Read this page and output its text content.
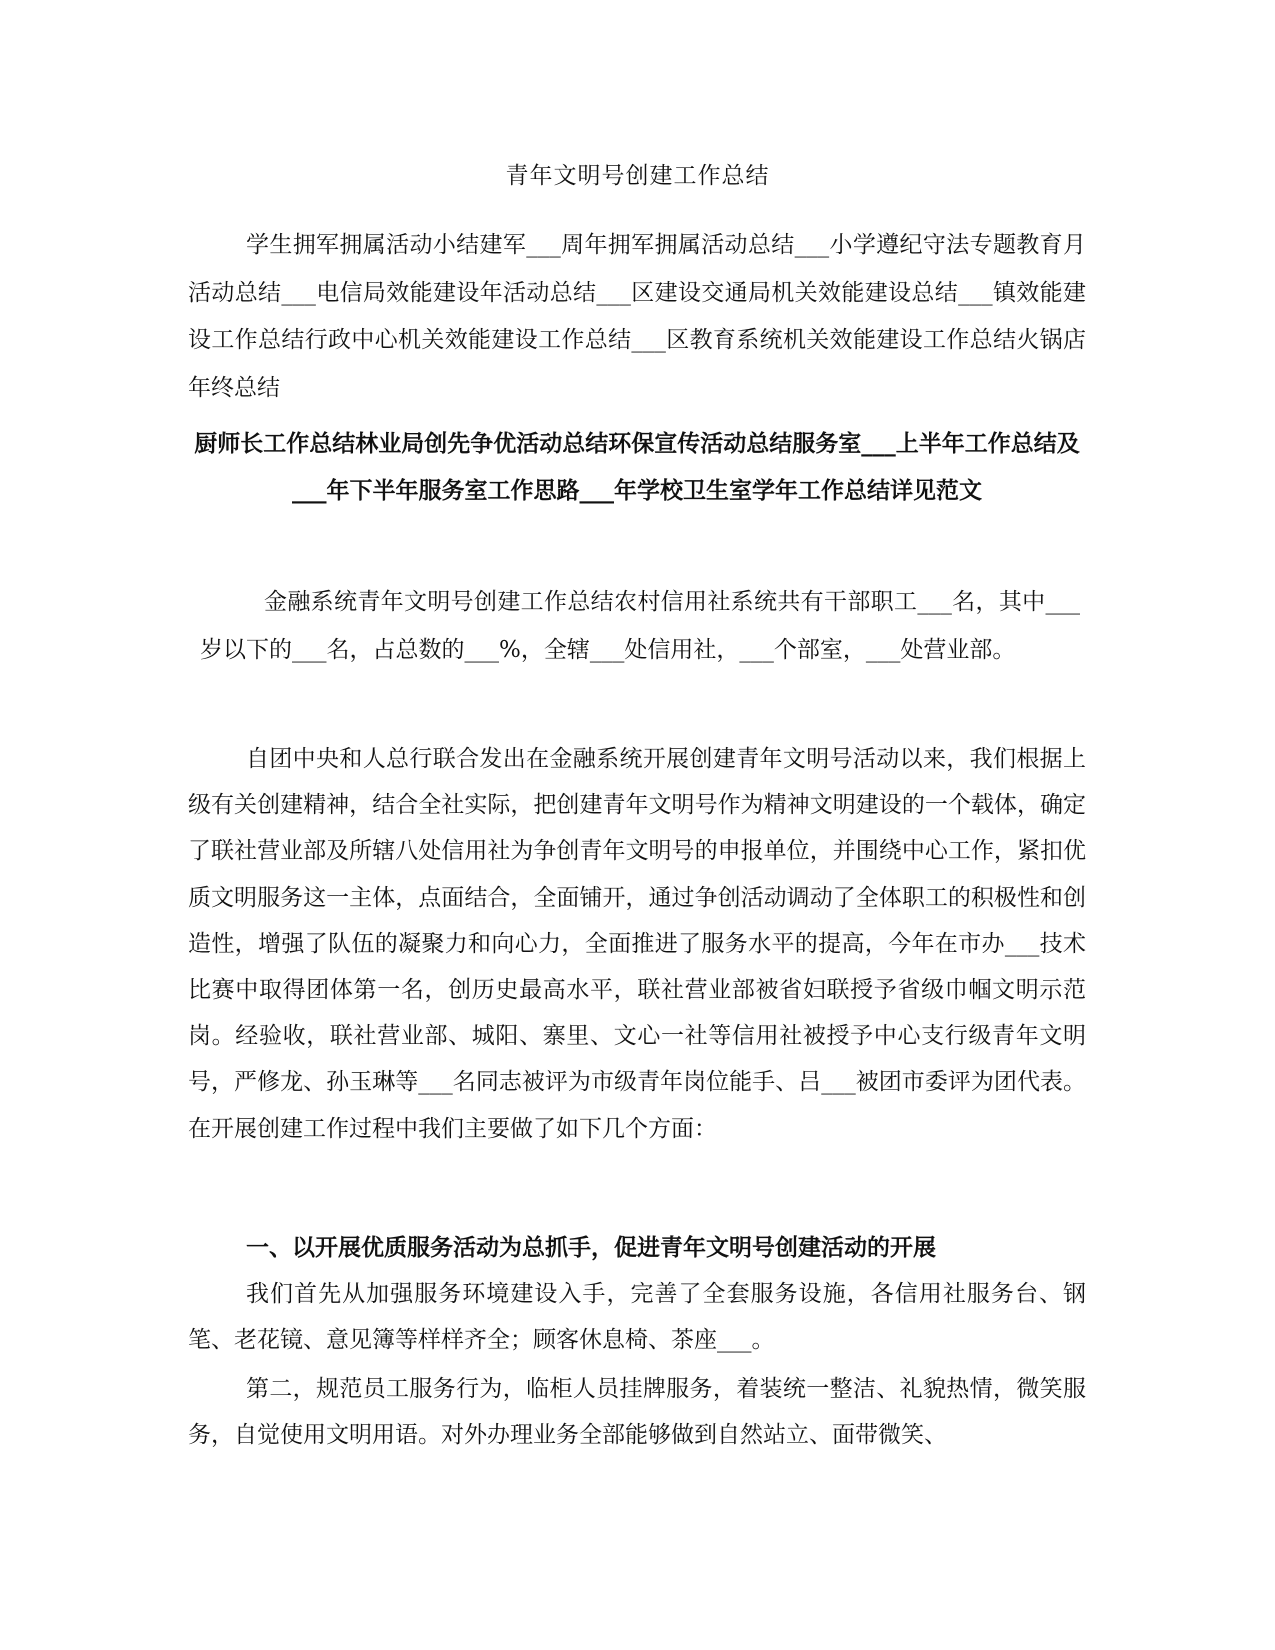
青年文明号创建工作总结

学生拥军拥属活动小结建军___周年拥军拥属活动总结___小学遵纪守法专题教育月活动总结___电信局效能建设年活动总结___区建设交通局机关效能建设总结___镇效能建设工作总结行政中心机关效能建设工作总结___区教育系统机关效能建设工作总结火锅店年终总结

厨师长工作总结林业局创先争优活动总结环保宣传活动总结服务室___上半年工作总结及___年下半年服务室工作思路___年学校卫生室学年工作总结详见范文

金融系统青年文明号创建工作总结农村信用社系统共有干部职工___名，其中___岁以下的___名，占总数的___%，全辖___处信用社，___个部室，___处营业部。

自团中央和人总行联合发出在金融系统开展创建青年文明号活动以来，我们根据上级有关创建精神，结合全社实际，把创建青年文明号作为精神文明建设的一个载体，确定了联社营业部及所辖八处信用社为争创青年文明号的申报单位，并围绕中心工作，紧扣优质文明服务这一主体，点面结合，全面铺开，通过争创活动调动了全体职工的积极性和创造性，增强了队伍的凝聚力和向心力，全面推进了服务水平的提高，今年在市办___技术比赛中取得团体第一名，创历史最高水平，联社营业部被省妇联授予省级巾帼文明示范岗。经验收，联社营业部、城阳、寨里、文心一社等信用社被授予中心支行级青年文明号，严修龙、孙玉琳等___名同志被评为市级青年岗位能手、吕___被团市委评为团代表。在开展创建工作过程中我们主要做了如下几个方面：

一、以开展优质服务活动为总抓手，促进青年文明号创建活动的开展

我们首先从加强服务环境建设入手，完善了全套服务设施，各信用社服务台、钢笔、老花镜、意见簿等样样齐全；顾客休息椅、茶座___。

第二，规范员工服务行为，临柜人员挂牌服务，着装统一整洁、礼貌热情，微笑服务，自觉使用文明用语。对外办理业务全部能够做到自然站立、面带微笑、
